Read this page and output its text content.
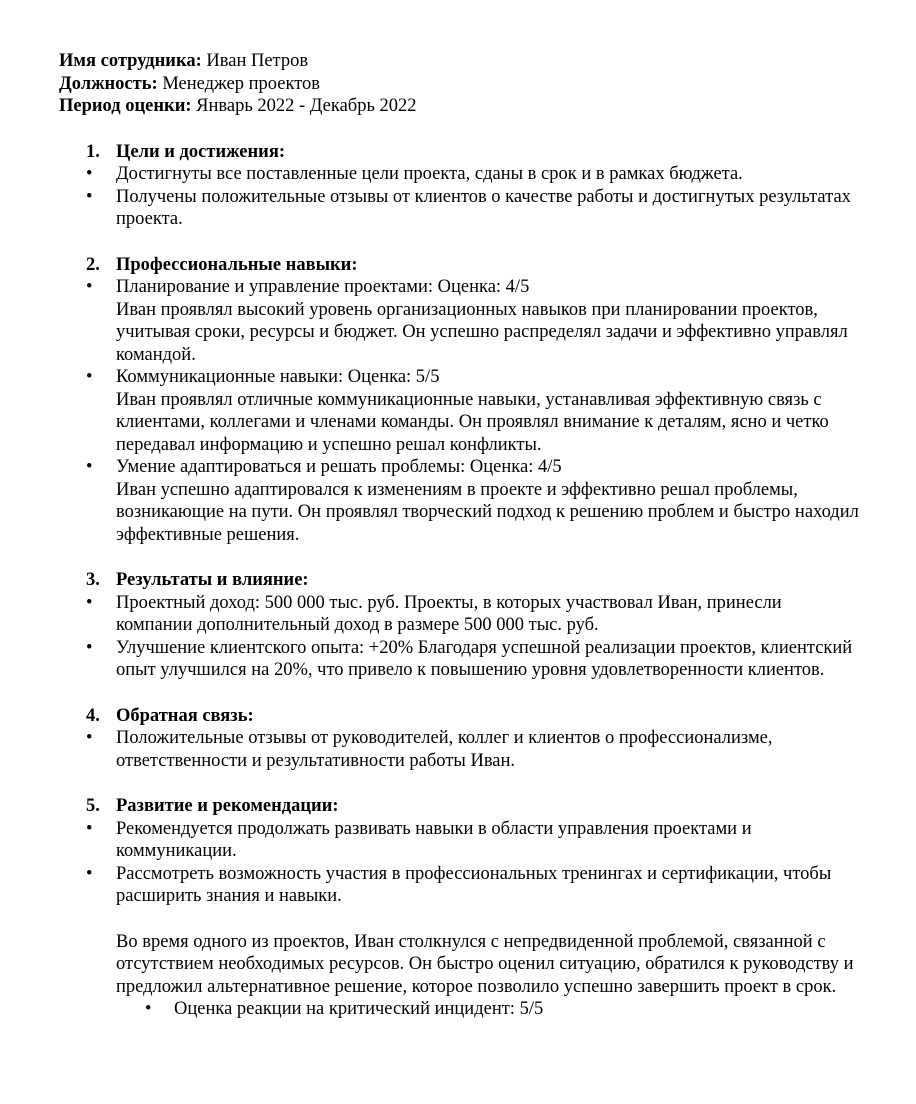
Имя сотрудника: Иван Петров

Должность: Менеджер проектов

Период оценки: Январь 2022 - Декабрь 2022

1. Цели и достижения:

• Достигнуты все поставленные цели проекта, сданы в срок и в рамках бюджета.
• Получены положительные отзывы от клиентов о качестве работы и достигнутых результатах проекта.

2. Профессиональные навыки:

• Планирование и управление проектами: Оценка: 4/5
Иван проявлял высокий уровень организационных навыков при планировании проектов, учитывая сроки, ресурсы и бюджет. Он успешно распределял задачи и эффективно управлял командой.
• Коммуникационные навыки: Оценка: 5/5
Иван проявлял отличные коммуникационные навыки, устанавливая эффективную связь с клиентами, коллегами и членами команды. Он проявлял внимание к деталям, ясно и четко передавал информацию и успешно решал конфликты.
• Умение адаптироваться и решать проблемы: Оценка: 4/5
Иван успешно адаптировался к изменениям в проекте и эффективно решал проблемы, возникающие на пути. Он проявлял творческий подход к решению проблем и быстро находил эффективные решения.

3. Результаты и влияние:

• Проектный доход: 500 000 тыс. руб. Проекты, в которых участвовал Иван, принесли компании дополнительный доход в размере 500 000 тыс. руб.
• Улучшение клиентского опыта: +20% Благодаря успешной реализации проектов, клиентский опыт улучшился на 20%, что привело к повышению уровня удовлетворенности клиентов.

4. Обратная связь:

• Положительные отзывы от руководителей, коллег и клиентов о профессионализме, ответственности и результативности работы Иван.

5. Развитие и рекомендации:

• Рекомендуется продолжать развивать навыки в области управления проектами и коммуникации.
• Рассмотреть возможность участия в профессиональных тренингах и сертификации, чтобы расширить знания и навыки.

Во время одного из проектов, Иван столкнулся с непредвиденной проблемой, связанной с отсутствием необходимых ресурсов. Он быстро оценил ситуацию, обратился к руководству и предложил альтернативное решение, которое позволило успешно завершить проект в срок.

• Оценка реакции на критический инцидент: 5/5
